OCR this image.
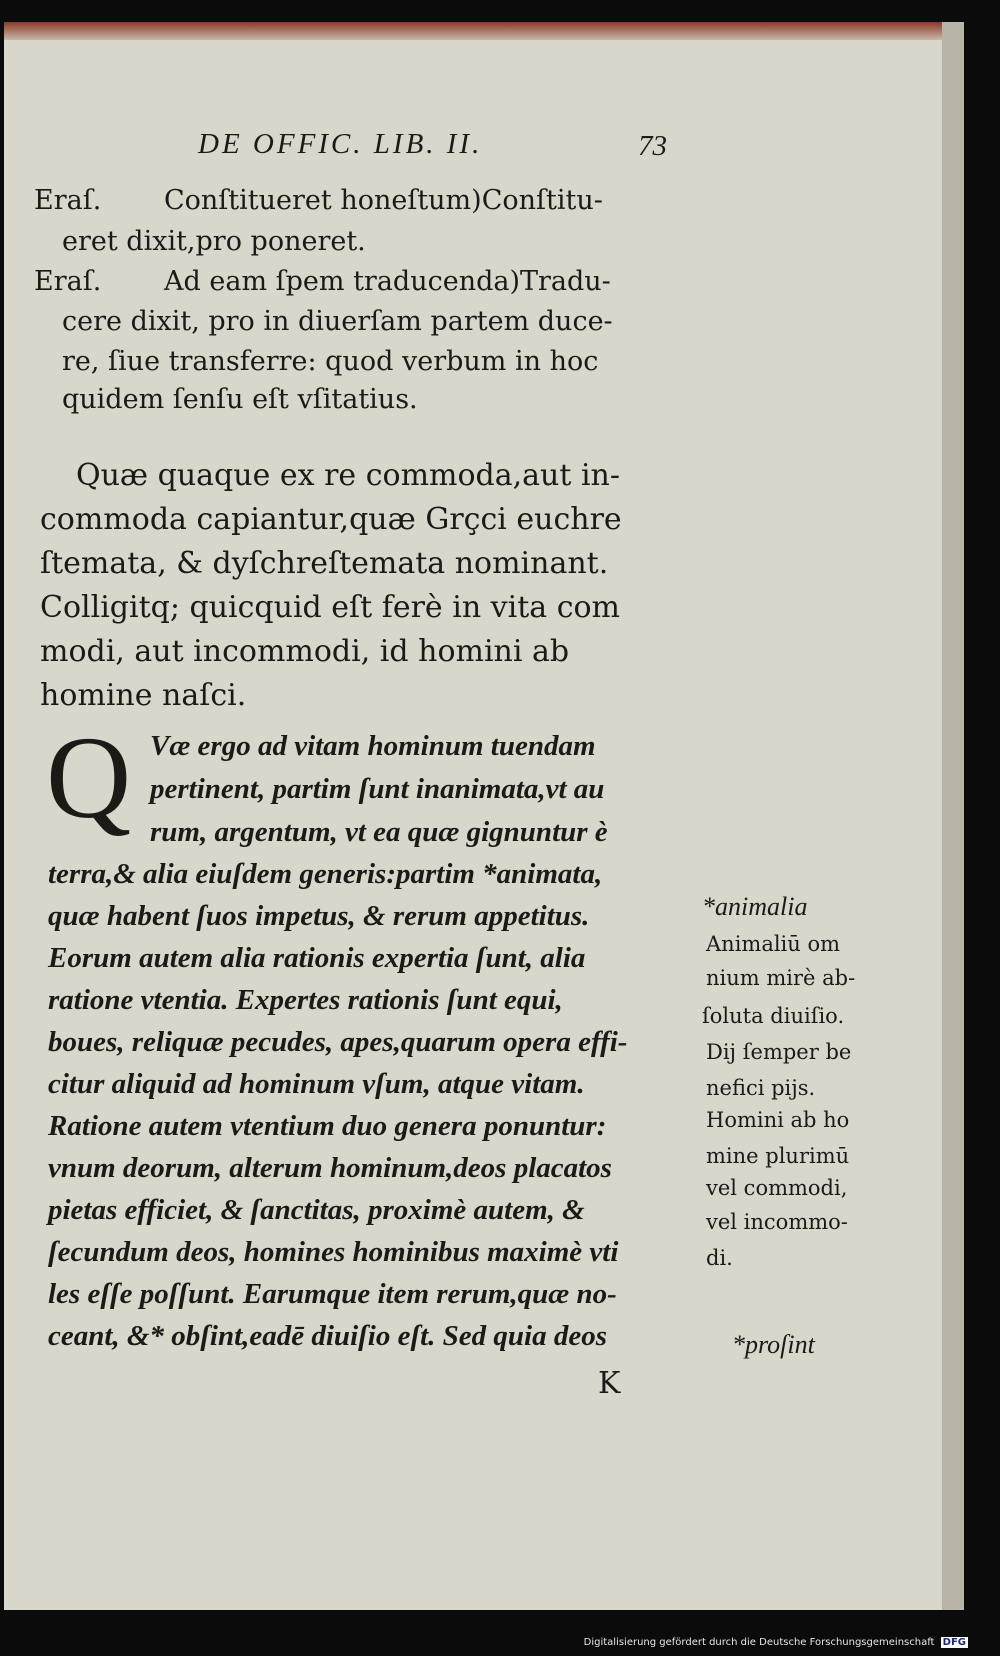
DE OFFIC. LIB. II.	73
Eraſ. Conſtitueret honeſtum)Conſtitu-
eret dixit,pro poneret.
Eraſ. Ad eam ſpem traducenda)Tradu-
cere dixit, pro in diuerſam partem duce-
re, ſiue transferre: quod verbum in hoc
quidem ſenſu eſt vſitatius.
Quæ quaque ex re commoda,aut in-
commoda capiantur,quæ Grçci euchre
ſtemata, & dyſchreſtemata nominant.
Colligitq; quicquid eſt ferè in vita com
modi, aut incommodi, id homini ab
homine naſci.
Q Væ ergo ad vitam hominum tuendam
pertinent, partim ſunt inanimata,vt au
rum, argentum, vt ea quæ gignuntur è
terra,& alia eiuſdem generis:partim *animata,
quæ habent ſuos impetus, & rerum appetitus.
Eorum autem alia rationis expertia ſunt, alia
ratione vtentia. Expertes rationis ſunt equi,
boues, reliquæ pecudes, apes,quarum opera effi-
citur aliquid ad hominum vſum, atque vitam.
Ratione autem vtentium duo genera ponuntur:
vnum deorum, alterum hominum,deos placatos
pietas efficiet, & ſanctitas, proximè autem, &
ſecundum deos, homines hominibus maximè vti
les eſſe poſſunt. Earumque item rerum,quæ no-
ceant, &* obſint,eadē diuiſio eſt. Sed quia deos
K
*animalia
Animaliū om
nium mirè ab-
ſoluta diuiſio.
Dij ſemper be
nefici pijs.
Homini ab ho
mine plurimū
vel commodi,
vel incommo-
di.
*proſint
Digitalisierung gefördert durch die Deutsche Forschungsgemeinschaft DFG
